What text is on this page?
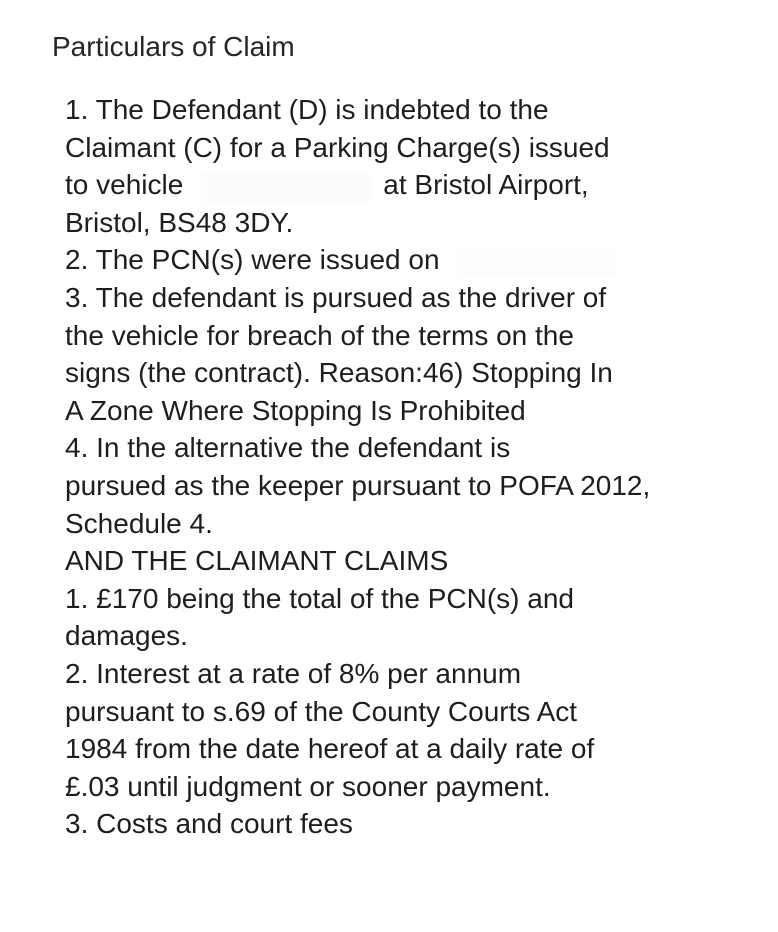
Particulars of Claim
1. The Defendant (D) is indebted to the
Claimant (C) for a Parking Charge(s) issued
to vehicle	at Bristol Airport,
Bristol, BS48 3DY.
2. The PCN(s) were issued on
3. The defendant is pursued as the driver of
the vehicle for breach of the terms on the
signs (the contract). Reason:46) Stopping In
A Zone Where Stopping Is Prohibited
4. In the alternative the defendant is
pursued as the keeper pursuant to POFA 2012,
Schedule 4.
AND THE CLAIMANT CLAIMS
1. £170 being the total of the PCN(s) and
damages.
2. Interest at a rate of 8% per annum
pursuant to s.69 of the County Courts Act
1984 from the date hereof at a daily rate of
£.03 until judgment or sooner payment.
3. Costs and court fees
